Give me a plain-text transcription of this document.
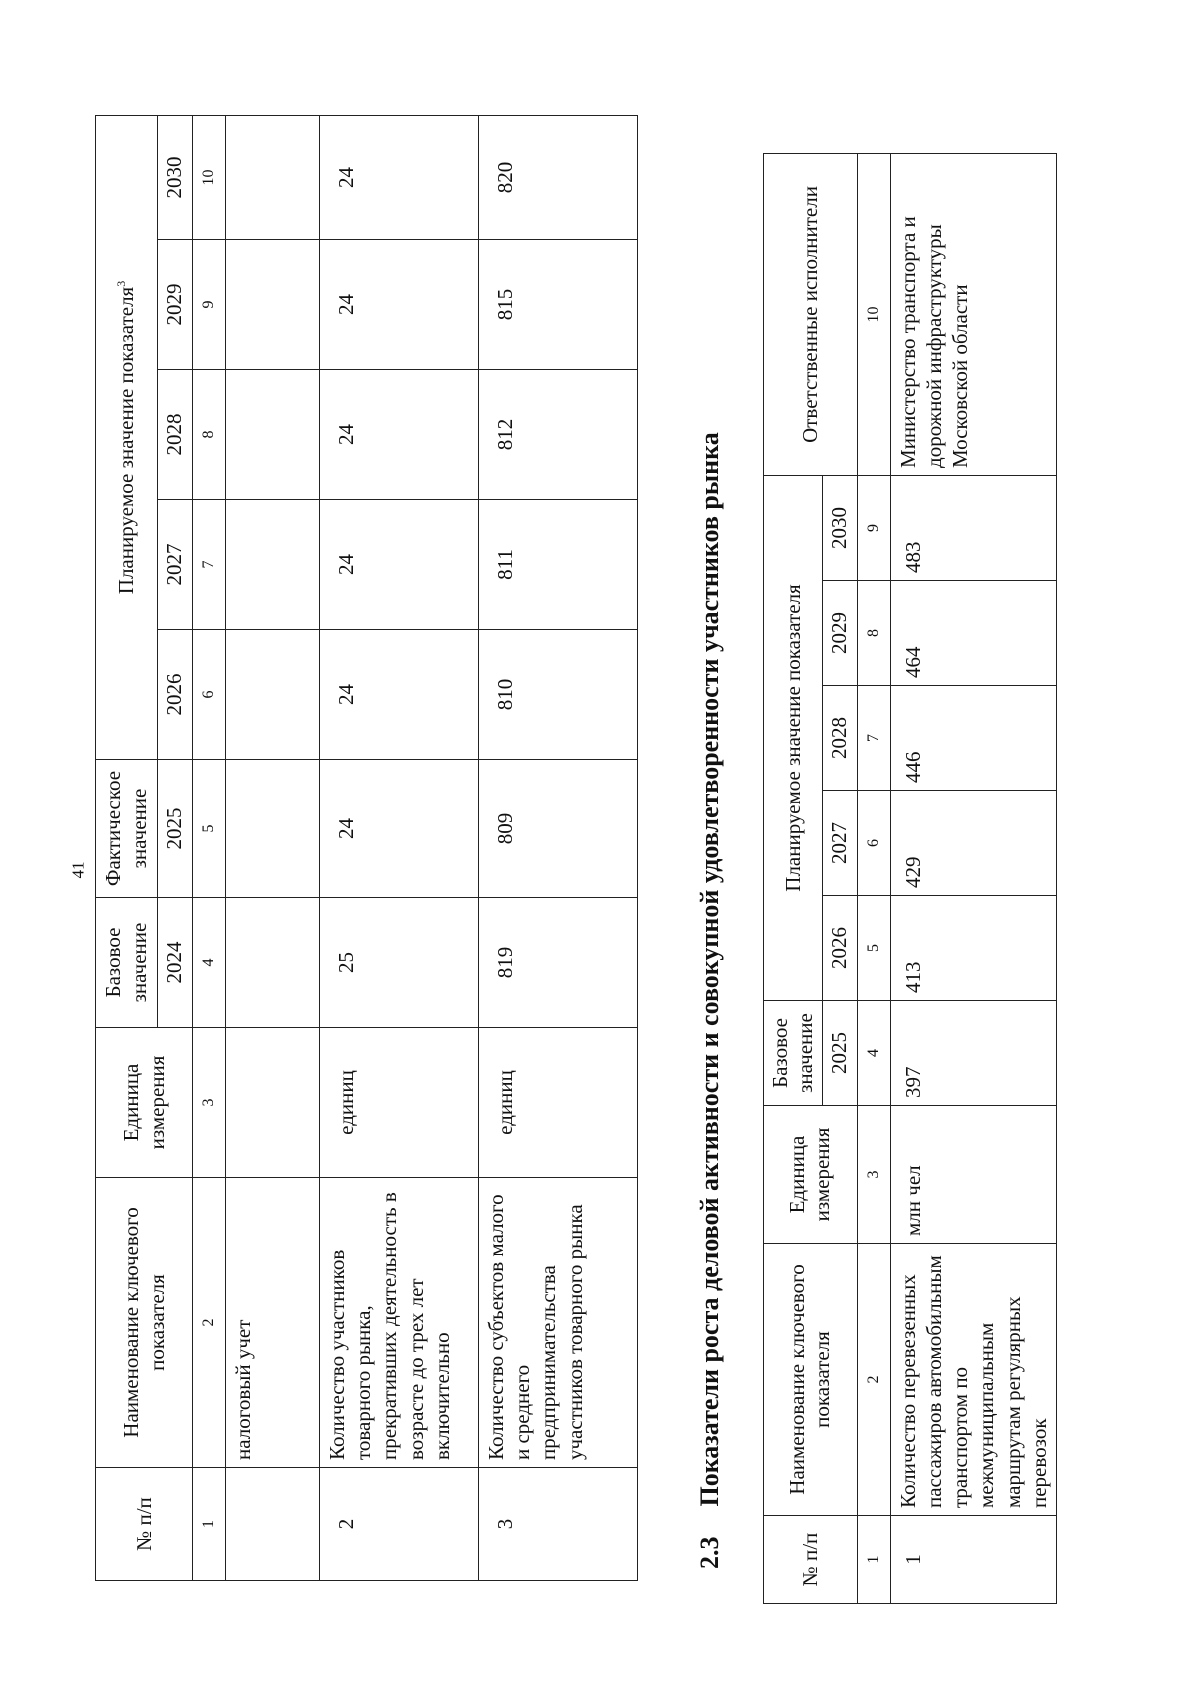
41
№ п/п	Наименование ключевого показателя	Единица измерения	Базовое значение	Фактическое значение	Планируемое значение показателя$^3$
			2024	2025	2026	2027	2028	2029	2030
1	2	3	4	5	6	7	8	9	10
	налоговый учет								
2	Количество участников товарного рынка, прекративших деятельность в возрасте до трех лет включительно	единиц	25	24	24	24	24	24	24
3	Количество субъектов малого и среднего предпринимательства участников товарного рынка	единиц	819	809	810	811	812	815	820
2.3Показатели роста деловой активности и совокупной удовлетворенности участников рынка
№ п/п	Наименование ключевого показателя	Единица измерения	Базовое значение	Планируемое значение показателя					Ответственные исполнители
			2025	2026	2027	2028	2029	2030	
1	2	3	4	5	6	7	8	9	10
1	Количество перевезенных пассажиров автомобильным транспортом по межмуниципальным маршрутам регулярных перевозок	млн чел	397	413	429	446	464	483	Министерство транспорта и дорожной инфраструктуры Московской области
